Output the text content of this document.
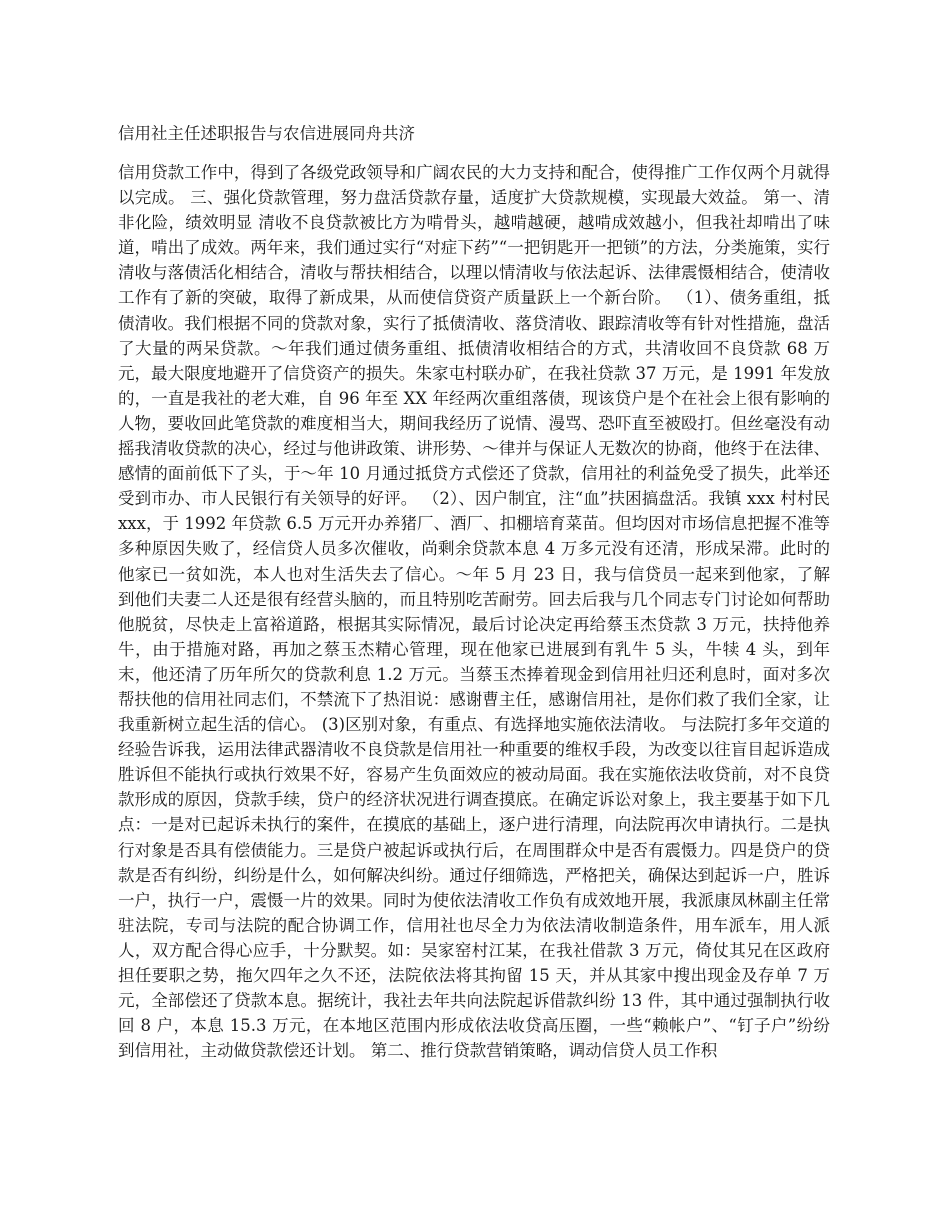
信用社主任述职报告与农信进展同舟共济
信用贷款工作中，得到了各级党政领导和广阔农民的大力支持和配合，使得推广工作仅两个月就得以完成。 三、强化贷款管理，努力盘活贷款存量，适度扩大贷款规模，实现最大效益。 第一、清非化险，绩效明显 清收不良贷款被比方为啃骨头，越啃越硬，越啃成效越小，但我社却啃出了味道，啃出了成效。两年来，我们通过实行“对症下药”“一把钥匙开一把锁”的方法，分类施策，实行清收与落债活化相结合，清收与帮扶相结合，以理以情清收与依法起诉、法律震慑相结合，使清收工作有了新的突破，取得了新成果，从而使信贷资产质量跃上一个新台阶。 （1）、债务重组，抵债清收。我们根据不同的贷款对象，实行了抵债清收、落贷清收、跟踪清收等有针对性措施，盘活了大量的两呆贷款。～年我们通过债务重组、抵债清收相结合的方式，共清收回不良贷款 68 万元，最大限度地避开了信贷资产的损失。朱家屯村联办矿，在我社贷款 37 万元，是 1991 年发放的，一直是我社的老大难，自 96 年至 XX 年经两次重组落债，现该贷户是个在社会上很有影响的人物，要收回此笔贷款的难度相当大，期间我经历了说情、漫骂、恐吓直至被殴打。但丝毫没有动摇我清收贷款的决心，经过与他讲政策、讲形势、～律并与保证人无数次的协商，他终于在法律、感情的面前低下了头，于～年 10 月通过抵贷方式偿还了贷款，信用社的利益免受了损失，此举还受到市办、市人民银行有关领导的好评。 （2）、因户制宜，注“血”扶困搞盘活。我镇 xxx 村村民 xxx，于 1992 年贷款 6.5 万元开办养猪厂、酒厂、扣棚培育菜苗。但均因对市场信息把握不准等多种原因失败了，经信贷人员多次催收，尚剩余贷款本息 4 万多元没有还清，形成呆滞。此时的他家已一贫如洗，本人也对生活失去了信心。～年 5 月 23 日，我与信贷员一起来到他家，了解到他们夫妻二人还是很有经营头脑的，而且特别吃苦耐劳。回去后我与几个同志专门讨论如何帮助他脱贫，尽快走上富裕道路，根据其实际情况，最后讨论决定再给蔡玉杰贷款 3 万元，扶持他养牛，由于措施对路，再加之蔡玉杰精心管理，现在他家已进展到有乳牛 5 头，牛犊 4 头，到年末，他还清了历年所欠的贷款利息 1.2 万元。当蔡玉杰捧着现金到信用社归还利息时，面对多次帮扶他的信用社同志们，不禁流下了热泪说：感谢曹主任，感谢信用社，是你们救了我们全家，让我重新树立起生活的信心。 (3)区别对象，有重点、有选择地实施依法清收。 与法院打多年交道的经验告诉我，运用法律武器清收不良贷款是信用社一种重要的维权手段，为改变以往盲目起诉造成胜诉但不能执行或执行效果不好，容易产生负面效应的被动局面。我在实施依法收贷前，对不良贷款形成的原因，贷款手续，贷户的经济状况进行调查摸底。在确定诉讼对象上，我主要基于如下几点：一是对已起诉未执行的案件，在摸底的基础上，逐户进行清理，向法院再次申请执行。二是执行对象是否具有偿债能力。三是贷户被起诉或执行后，在周围群众中是否有震慑力。四是贷户的贷款是否有纠纷，纠纷是什么，如何解决纠纷。通过仔细筛选，严格把关，确保达到起诉一户，胜诉一户，执行一户，震慑一片的效果。同时为使依法清收工作负有成效地开展，我派康凤林副主任常驻法院，专司与法院的配合协调工作，信用社也尽全力为依法清收制造条件，用车派车，用人派人，双方配合得心应手，十分默契。如：吴家窑村江某，在我社借款 3 万元，倚仗其兄在区政府担任要职之势，拖欠四年之久不还，法院依法将其拘留 15 天，并从其家中搜出现金及存单 7 万元，全部偿还了贷款本息。据统计，我社去年共向法院起诉借款纠纷 13 件，其中通过强制执行收回 8 户，本息 15.3 万元，在本地区范围内形成依法收贷高压圈，一些“赖帐户”、“钉子户”纷纷到信用社，主动做贷款偿还计划。 第二、推行贷款营销策略，调动信贷人员工作积
